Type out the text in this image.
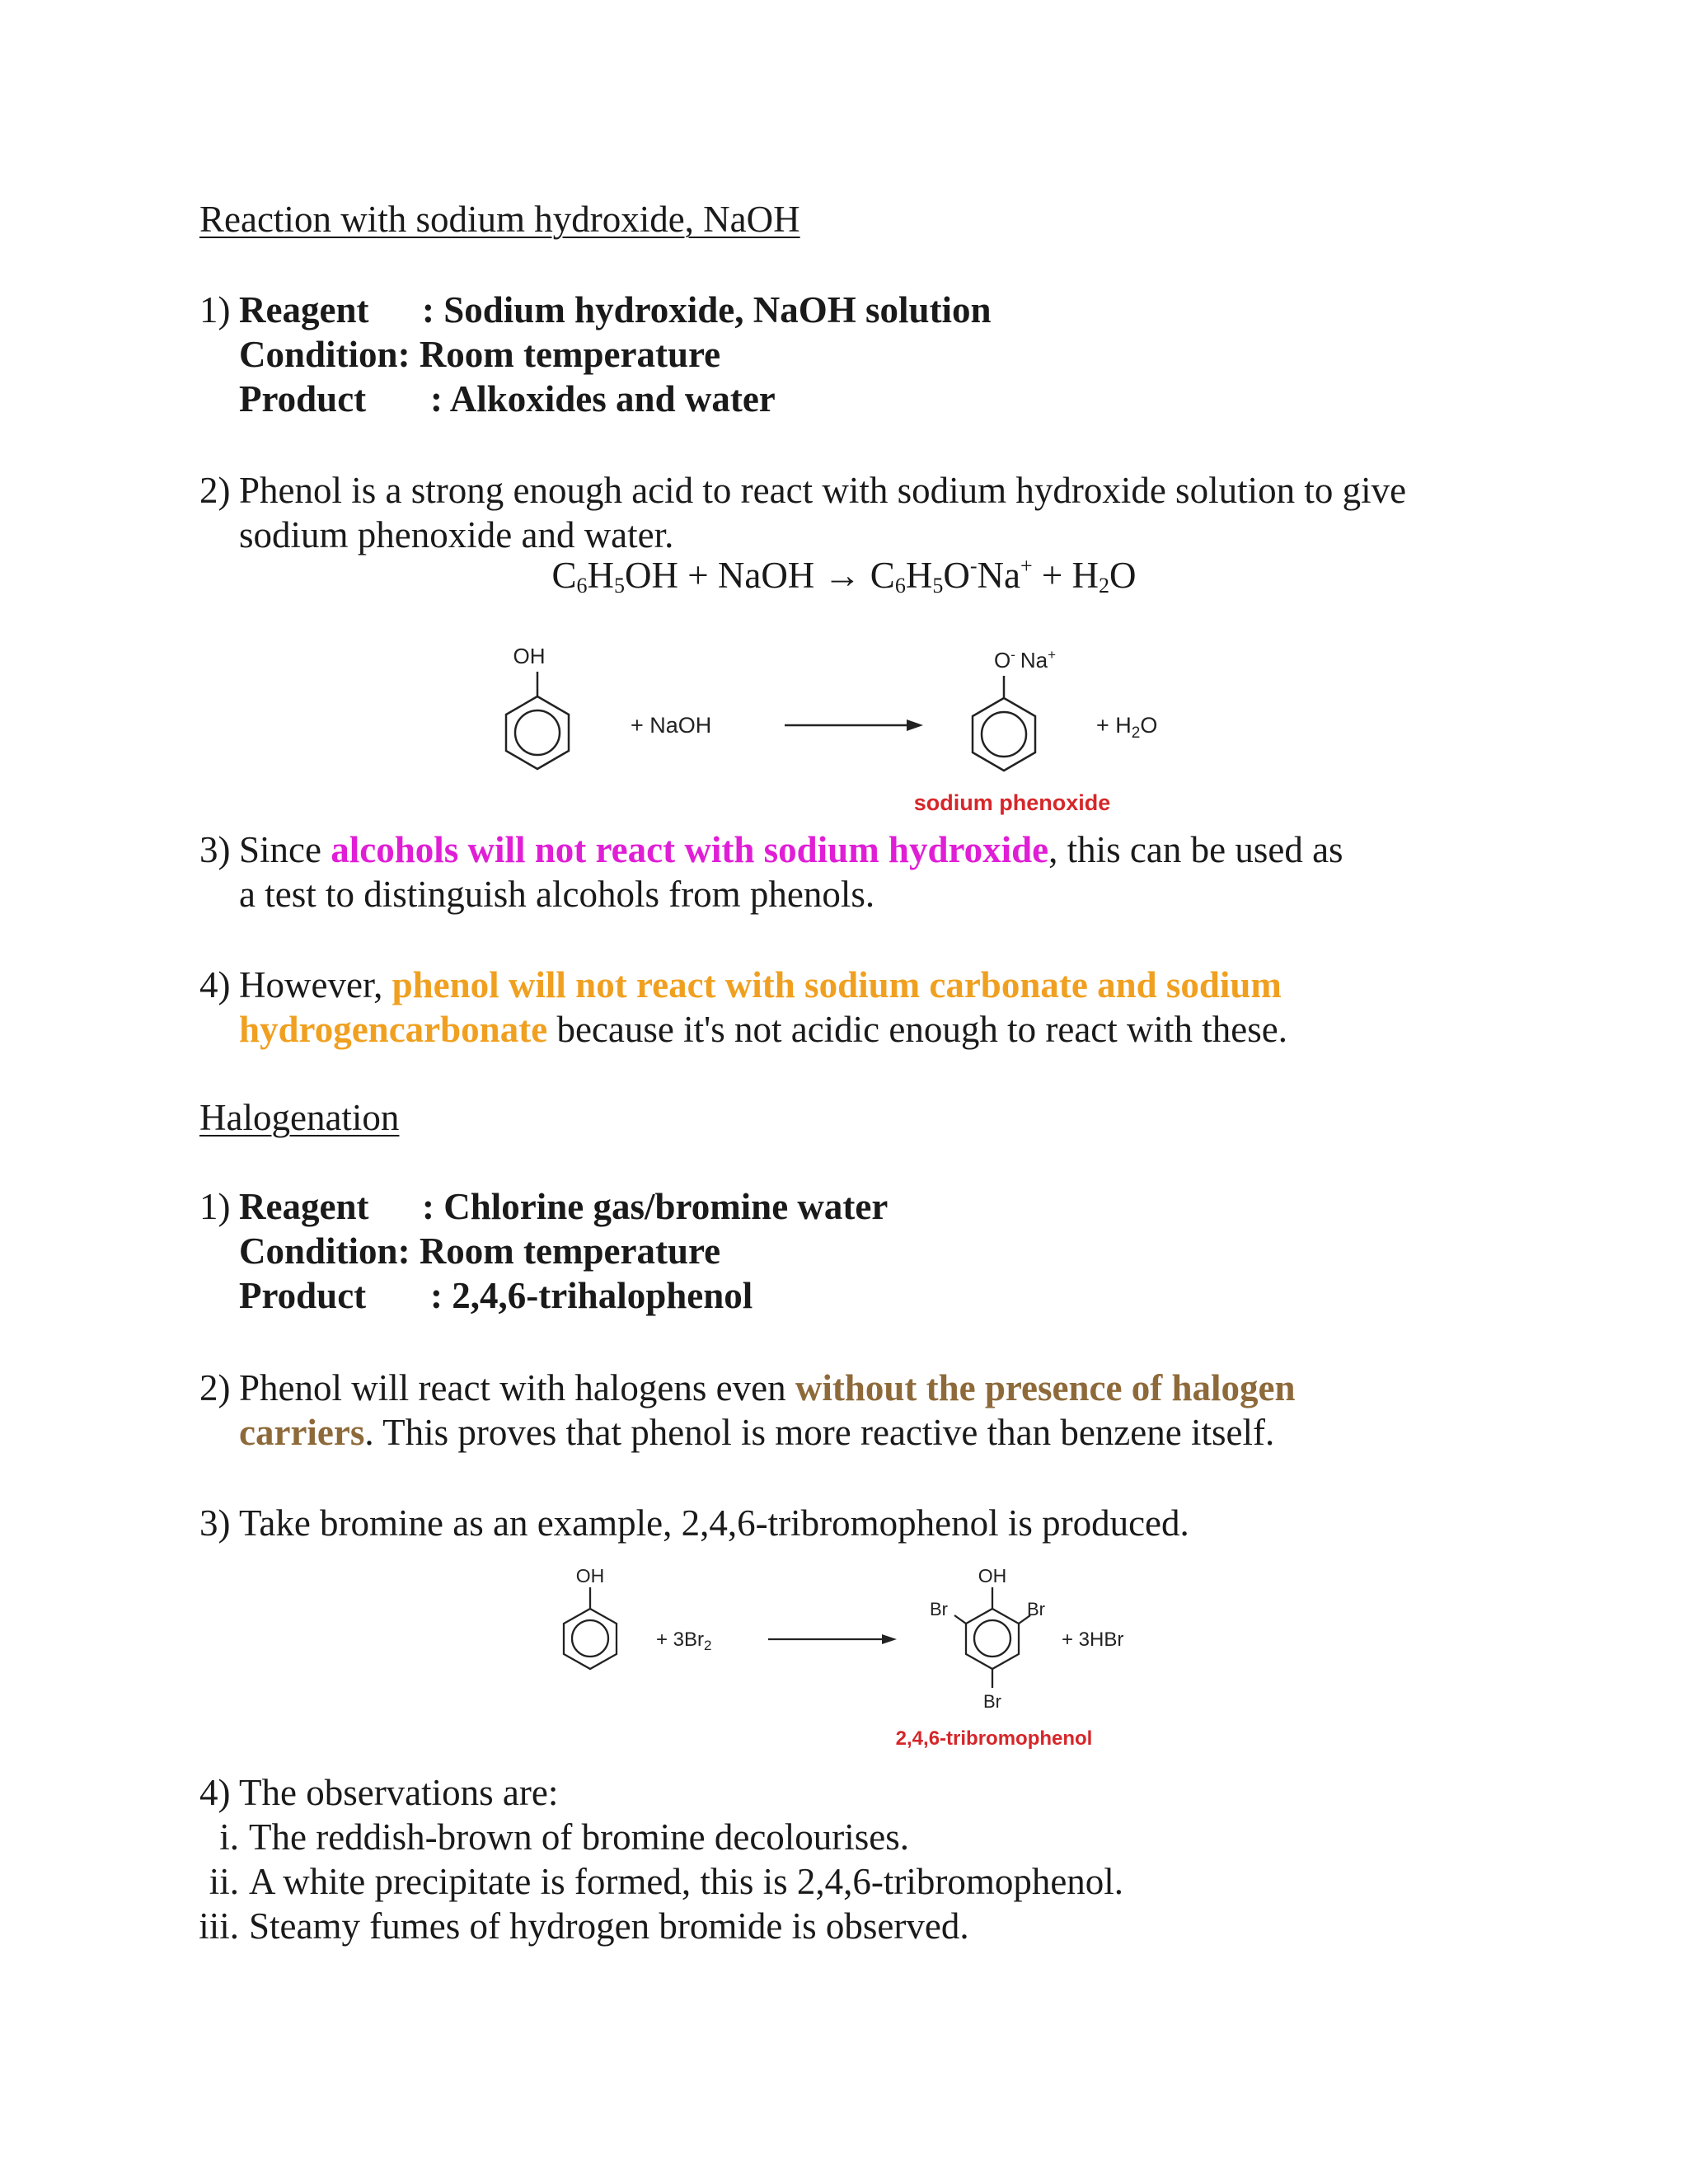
Reaction with sodium hydroxide, NaOH
1) Reagent : Sodium hydroxide, NaOH solution
Condition: Room temperature
Product : Alkoxides and water
2) Phenol is a strong enough acid to react with sodium hydroxide solution to give
sodium phenoxide and water.
$C_6H_5OH$ + NaOH → $C_6H_5O^-Na^+ + H_2O$
OH
+ NaOH
O- Na+
+ $H_2O$
sodium phenoxide
3) Since alcohols will not react with sodium hydroxide, this can be used as
a test to distinguish alcohols from phenols.
4) However, phenol will not react with sodium carbonate and sodium
hydrogencarbonate because it's not acidic enough to react with these.
Halogenation
1) Reagent : Chlorine gas/bromine water
Condition: Room temperature
Product : 2,4,6-trihalophenol
2) Phenol will react with halogens even without the presence of halogen
carriers. This proves that phenol is more reactive than benzene itself.
3) Take bromine as an example, 2,4,6-tribromophenol is produced.
OH
+ $3Br_2$
OH
Br	Br
Br
+ 3HBr
2,4,6-tribromophenol
4) The observations are:
i. The reddish-brown of bromine decolourises.
ii. A white precipitate is formed, this is 2,4,6-tribromophenol.
iii. Steamy fumes of hydrogen bromide is observed.
